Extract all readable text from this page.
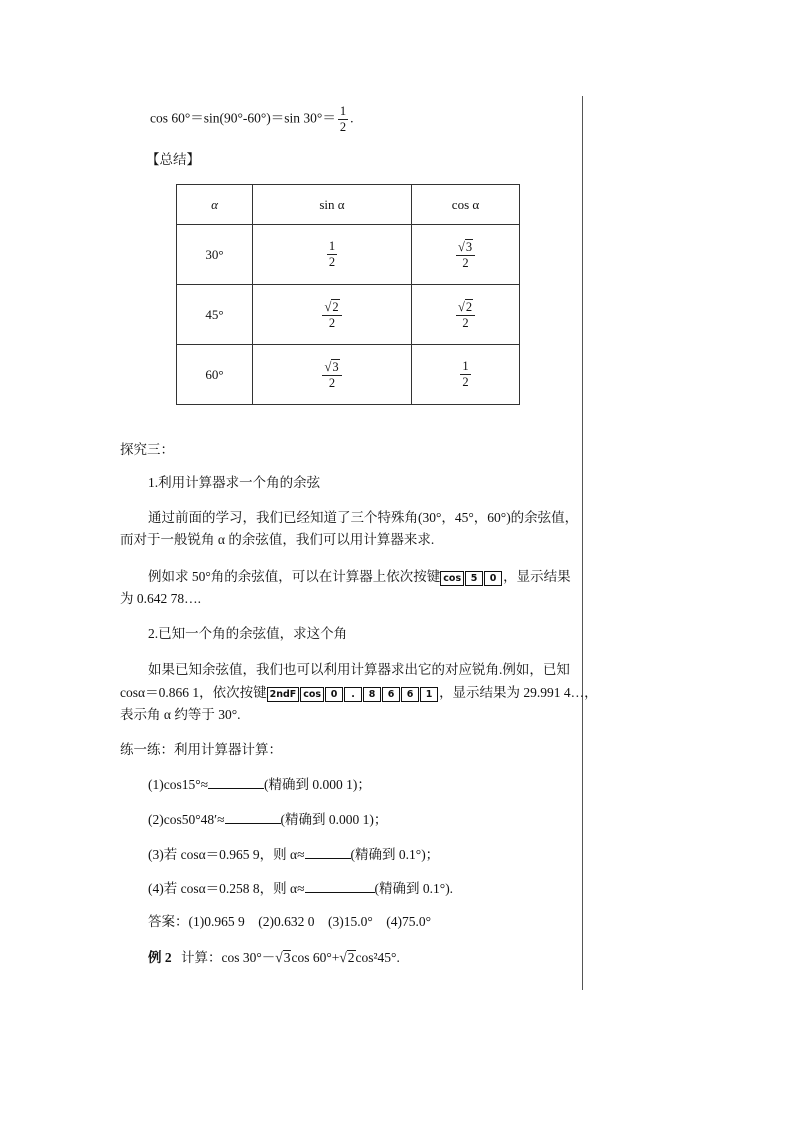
cos 60°＝sin(90°-60°)＝sin $30^\circ= \frac{1}{2}$ .
【总结】
α	sin α	cos α
30°	$\frac{1}{2}$	$\frac{√3}{2}$

45°	$\frac{√2}{2}$	$\frac{√2}{2}$

60°	$\frac{√3}{2}$	$\frac{1}{2}$
探究三：
1.利用计算器求一个角的余弦
通过前面的学习，我们已经知道了三个特殊角(30°，45°，60°)的余弦值，
而对于一般锐角 α 的余弦值，我们可以用计算器来求.
例如求 50°角的余弦值，可以在计算器上依次按键 cos 5 0 ，显示结果
为 0.642 78….
2.已知一个角的余弦值，求这个角
如果已知余弦值，我们也可以利用计算器求出它的对应锐角.例如，已知
cosα＝0.866 1，依次按键 2ndF cos 0 . 8 6 6 1 ，显示结果为 29.991 4…，
表示角 α 约等于 30°.
练一练：利用计算器计算：
(1)cos15°≈	(精确到 0.000 1)；
(2)cos50°48′≈	(精确到 0.000 1)；
(3)若 cosα＝0.965 9，则 α≈	(精确到 0.1°)；
(4)若 cosα＝0.258 8，则 α≈	(精确到 0.1°).
答案：(1)0.965 9　(2)0.632 0　(3)15.0°　(4)75.0°
例 2 计算：cos 30°－√3cos 60°+√2cos²45°.
